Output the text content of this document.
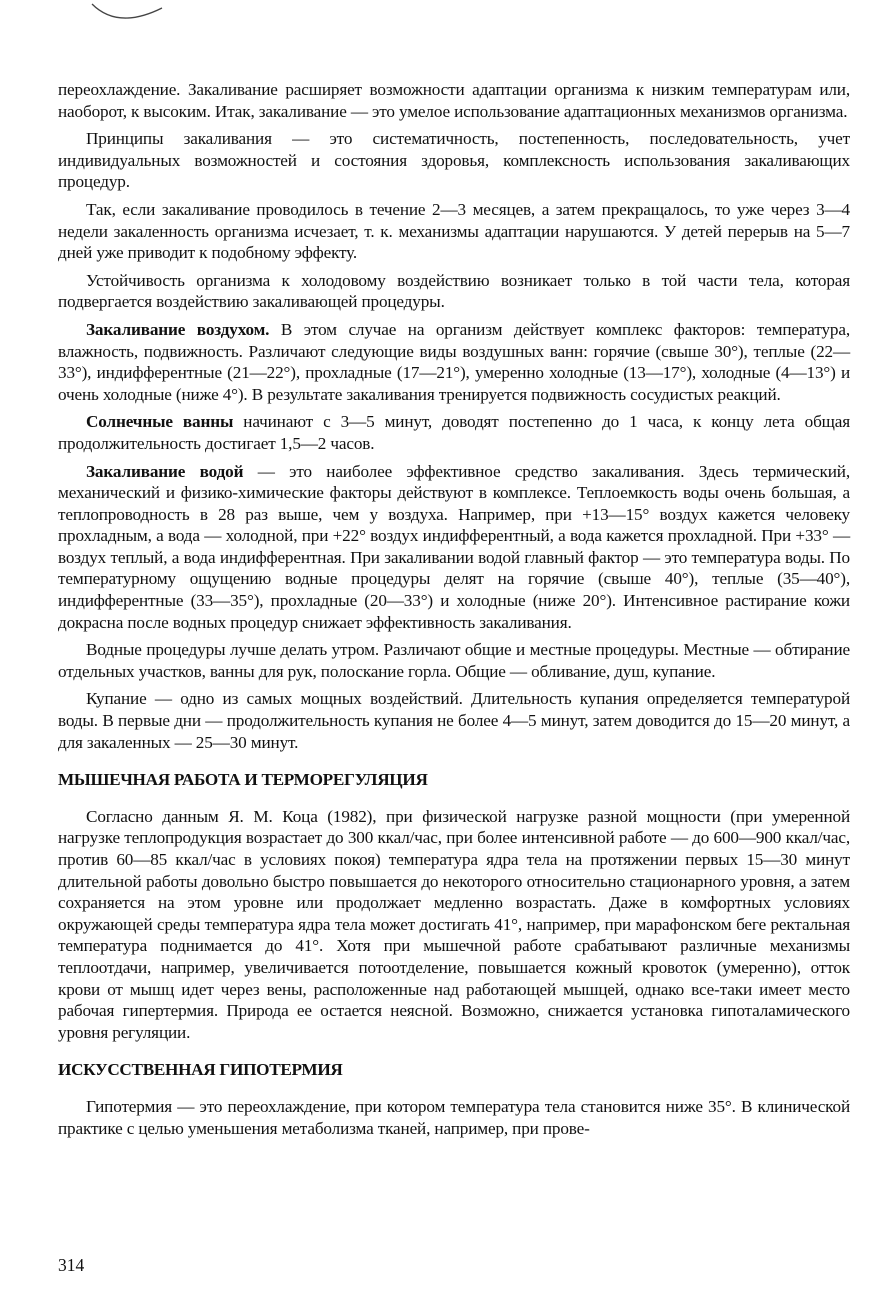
переохлаждение. Закаливание расширяет возможности адаптации организма к низким температурам или, наоборот, к высоким. Итак, закаливание — это умелое использование адаптационных механизмов организма.

Принципы закаливания — это систематичность, постепенность, последовательность, учет индивидуальных возможностей и состояния здоровья, комплексность использования закаливающих процедур.

Так, если закаливание проводилось в течение 2—3 месяцев, а затем прекращалось, то уже через 3—4 недели закаленность организма исчезает, т. к. механизмы адаптации нарушаются. У детей перерыв на 5—7 дней уже приводит к подобному эффекту.

Устойчивость организма к холодовому воздействию возникает только в той части тела, которая подвергается воздействию закаливающей процедуры.

Закаливание воздухом. В этом случае на организм действует комплекс факторов: температура, влажность, подвижность. Различают следующие виды воздушных ванн: горячие (свыше 30°), теплые (22—33°), индифферентные (21—22°), прохладные (17—21°), умеренно холодные (13—17°), холодные (4—13°) и очень холодные (ниже 4°). В результате закаливания тренируется подвижность сосудистых реакций.

Солнечные ванны начинают с 3—5 минут, доводят постепенно до 1 часа, к концу лета общая продолжительность достигает 1,5—2 часов.

Закаливание водой — это наиболее эффективное средство закаливания. Здесь термический, механический и физико-химические факторы действуют в комплексе. Теплоемкость воды очень большая, а теплопроводность в 28 раз выше, чем у воздуха. Например, при +13—15° воздух кажется человеку прохладным, а вода — холодной, при +22° воздух индифферентный, а вода кажется прохладной. При +33° — воздух теплый, а вода индифферентная. При закаливании водой главный фактор — это температура воды. По температурному ощущению водные процедуры делят на горячие (свыше 40°), теплые (35—40°), индифферентные (33—35°), прохладные (20—33°) и холодные (ниже 20°). Интенсивное растирание кожи докрасна после водных процедур снижает эффективность закаливания.

Водные процедуры лучше делать утром. Различают общие и местные процедуры. Местные — обтирание отдельных участков, ванны для рук, полоскание горла. Общие — обливание, душ, купание.

Купание — одно из самых мощных воздействий. Длительность купания определяется температурой воды. В первые дни — продолжительность купания не более 4—5 минут, затем доводится до 15—20 минут, а для закаленных — 25—30 минут.

МЫШЕЧНАЯ РАБОТА И ТЕРМОРЕГУЛЯЦИЯ

Согласно данным Я. М. Коца (1982), при физической нагрузке разной мощности (при умеренной нагрузке теплопродукция возрастает до 300 ккал/час, при более интенсивной работе — до 600—900 ккал/час, против 60—85 ккал/час в условиях покоя) температура ядра тела на протяжении первых 15—30 минут длительной работы довольно быстро повышается до некоторого относительно стационарного уровня, а затем сохраняется на этом уровне или продолжает медленно возрастать. Даже в комфортных условиях окружающей среды температура ядра тела может достигать 41°, например, при марафонском беге ректальная температура поднимается до 41°. Хотя при мышечной работе срабатывают различные механизмы теплоотдачи, например, увеличивается потоотделение, повышается кожный кровоток (умеренно), отток крови от мышц идет через вены, расположенные над работающей мышцей, однако все-таки имеет место рабочая гипертермия. Природа ее остается неясной. Возможно, снижается установка гипоталамического уровня регуляции.

ИСКУССТВЕННАЯ ГИПОТЕРМИЯ

Гипотермия — это переохлаждение, при котором температура тела становится ниже 35°. В клинической практике с целью уменьшения метаболизма тканей, например, при прове-

314
